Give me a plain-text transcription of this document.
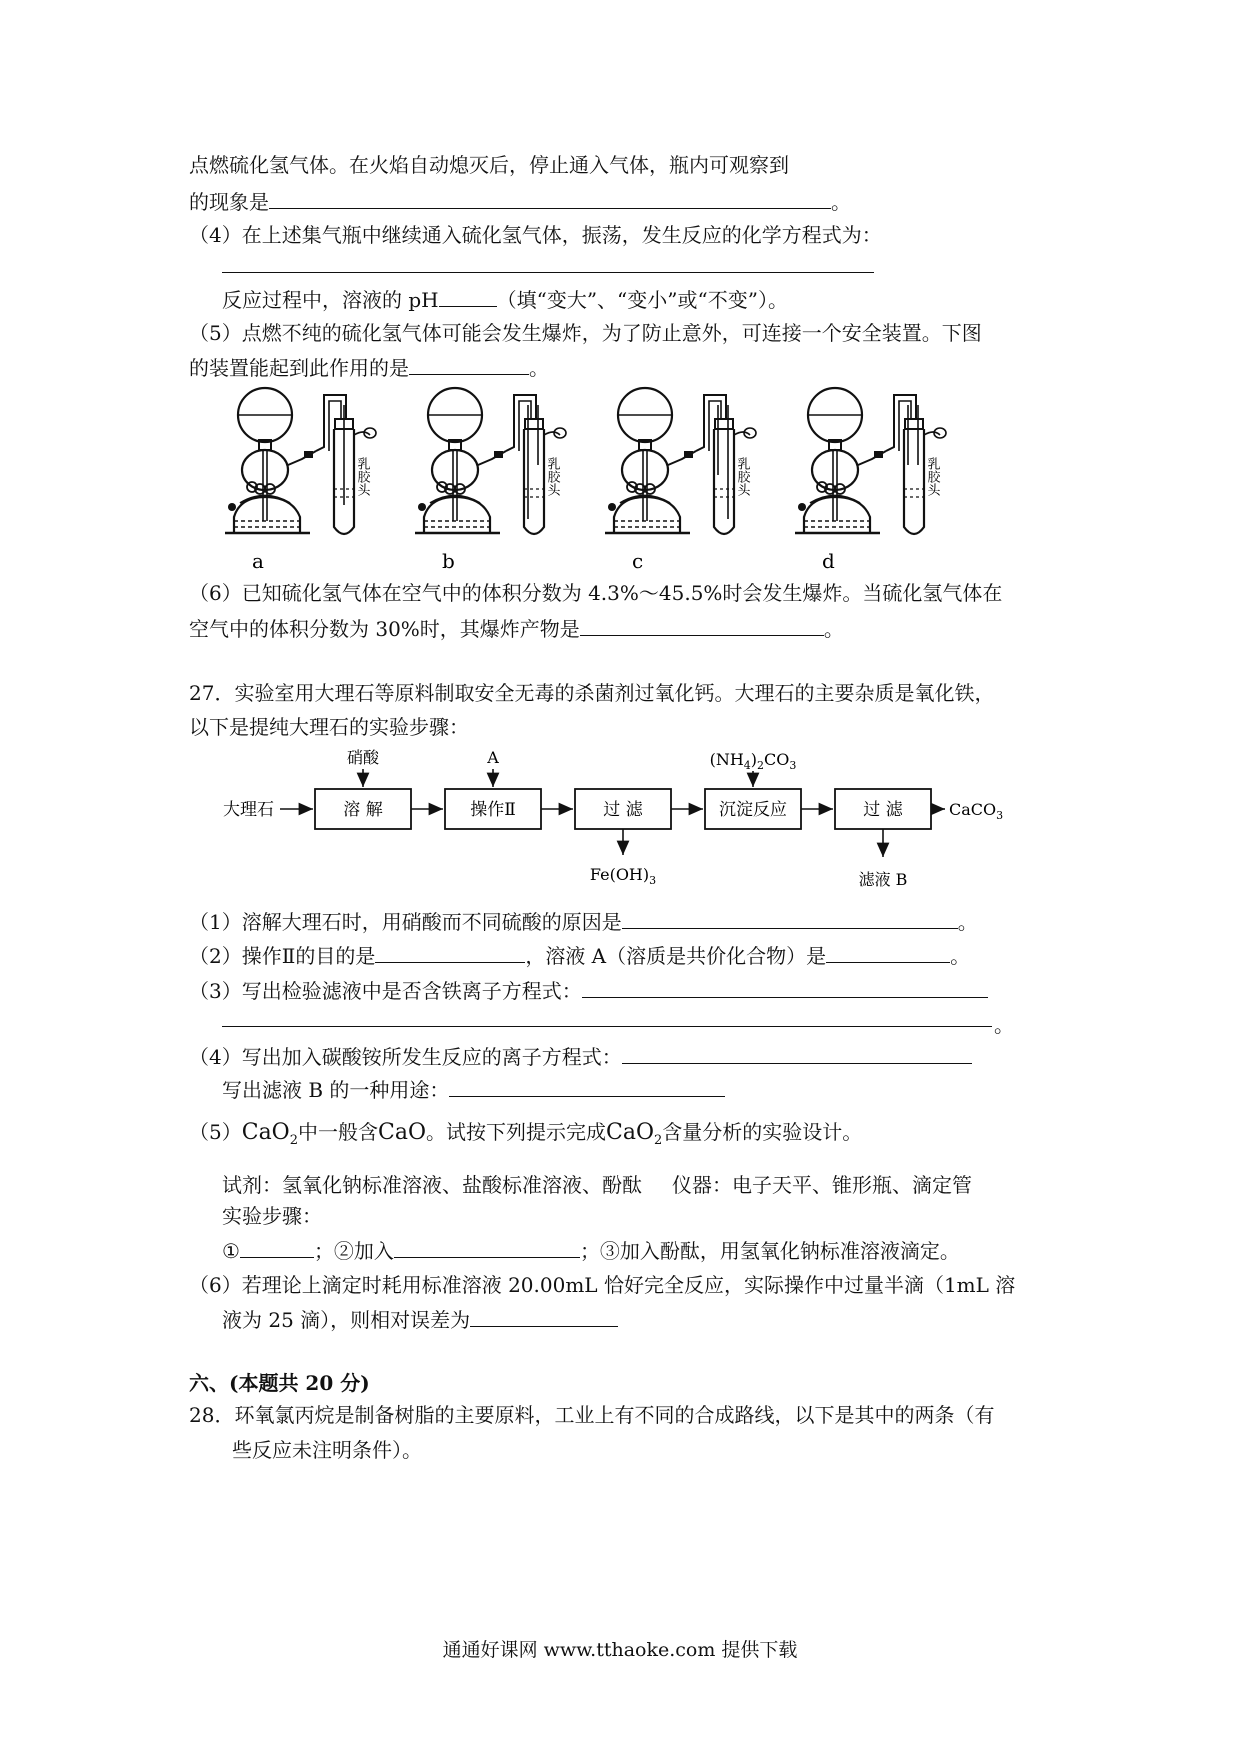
点燃硫化氢气体。在火焰自动熄灭后，停止通入气体，瓶内可观察到
的现象是	。
（4）在上述集气瓶中继续通入硫化氢气体，振荡，发生反应的化学方程式为：
反应过程中，溶液的 pH	（填“变大”、“变小”或“不变”）。
（5）点燃不纯的硫化氢气体可能会发生爆炸，为了防止意外，可连接一个安全装置。下图
的装置能起到此作用的是	。
乳胶头
a
乳胶头
b
乳胶头
c
乳胶头
d
（6）已知硫化氢气体在空气中的体积分数为 4.3%～45.5%时会发生爆炸。当硫化氢气体在
空气中的体积分数为 30%时，其爆炸产物是	。
27．实验室用大理石等原料制取安全无毒的杀菌剂过氧化钙。大理石的主要杂质是氧化铁，
以下是提纯大理石的实验步骤：
大理石	溶 解
硝酸
操作Ⅱ
A
过 滤
$Fe(OH)_3$
沉淀反应
$(NH_4)_2CO_3$
过 滤
滤液 B
CaCO$_3$
（1）溶解大理石时，用硝酸而不同硫酸的原因是	。
（2）操作Ⅱ的目的是	，溶液 A（溶质是共价化合物）是	。
（3）写出检验滤液中是否含铁离子方程式：
。
（4）写出加入碳酸铵所发生反应的离子方程式：
写出滤液 B 的一种用途：
（5）CaO$_2$中一般含CaO。试按下列提示完成CaO$_2$含量分析的实验设计。
试剂：氢氧化钠标准溶液、盐酸标准溶液、酚酞 仪器：电子天平、锥形瓶、滴定管
实验步骤：
①	；②加入	；③加入酚酞，用氢氧化钠标准溶液滴定。
（6）若理论上滴定时耗用标准溶液 20.00mL 恰好完全反应，实际操作中过量半滴（1mL 溶
液为 25 滴），则相对误差为
六、(本题共 20 分)
28．环氧氯丙烷是制备树脂的主要原料，工业上有不同的合成路线，以下是其中的两条（有
些反应未注明条件）。
通通好课网 www.tthaoke.com 提供下载
